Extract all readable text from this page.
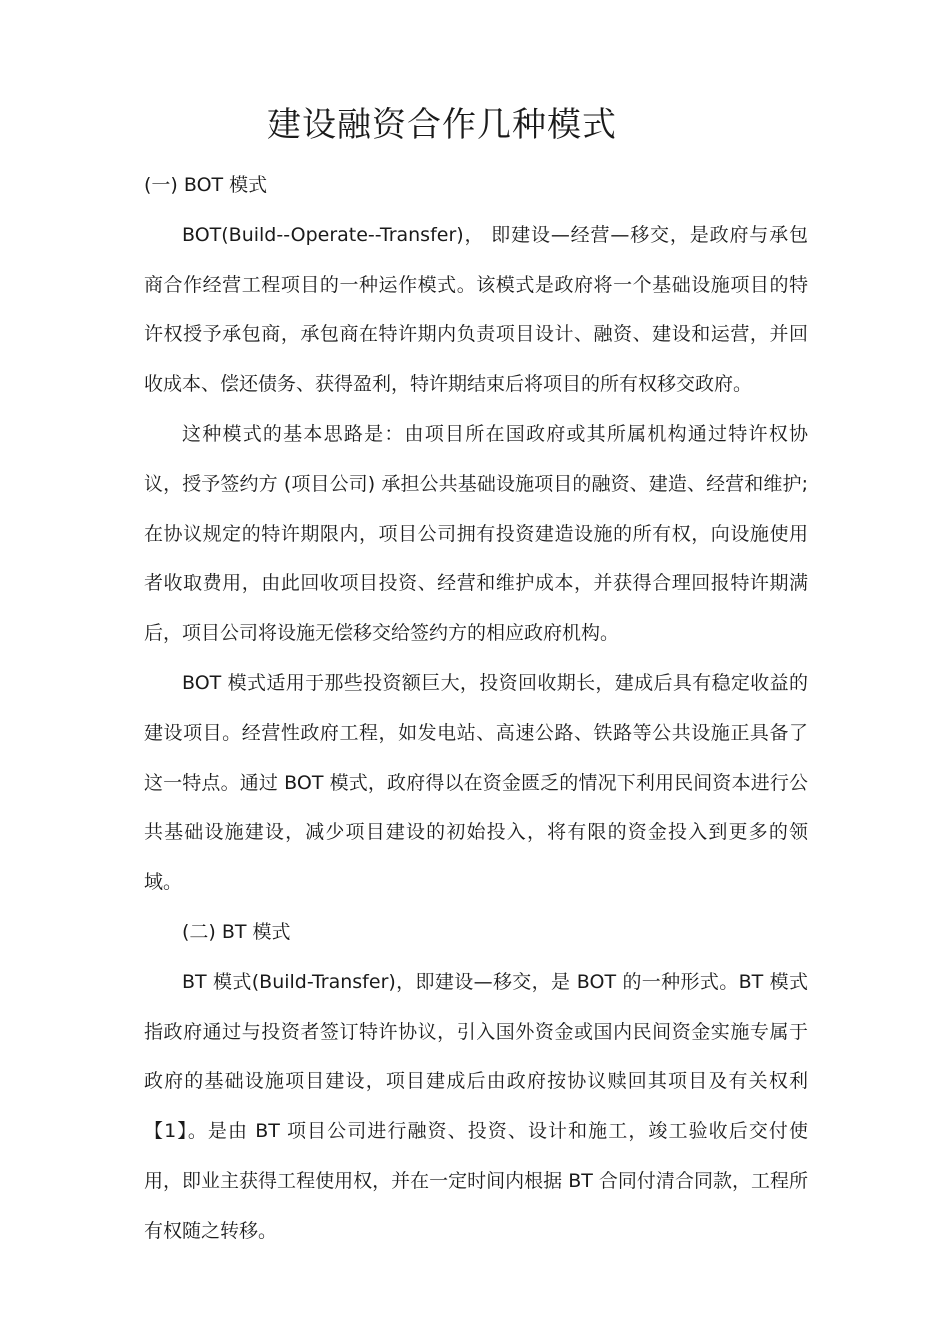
建设融资合作几种模式

(一) BOT 模式

BOT(Build--Operate--Transfer)， 即建设—经营—移交，是政府与承包商合作经营工程项目的一种运作模式。该模式是政府将一个基础设施项目的特许权授予承包商，承包商在特许期内负责项目设计、融资、建设和运营，并回收成本、偿还债务、获得盈利，特许期结束后将项目的所有权移交政府。

这种模式的基本思路是：由项目所在国政府或其所属机构通过特许权协议，授予签约方 (项目公司) 承担公共基础设施项目的融资、建造、经营和维护;在协议规定的特许期限内，项目公司拥有投资建造设施的所有权，向设施使用者收取费用，由此回收项目投资、经营和维护成本，并获得合理回报特许期满后，项目公司将设施无偿移交给签约方的相应政府机构。

BOT 模式适用于那些投资额巨大，投资回收期长，建成后具有稳定收益的建设项目。经营性政府工程，如发电站、高速公路、铁路等公共设施正具备了这一特点。通过 BOT 模式，政府得以在资金匮乏的情况下利用民间资本进行公共基础设施建设，减少项目建设的初始投入，将有限的资金投入到更多的领域。

(二) BT 模式

BT 模式(Build-Transfer)，即建设—移交，是 BOT 的一种形式。BT 模式指政府通过与投资者签订特许协议，引入国外资金或国内民间资金实施专属于政府的基础设施项目建设，项目建成后由政府按协议赎回其项目及有关权利【1】。是由 BT 项目公司进行融资、投资、设计和施工，竣工验收后交付使用，即业主获得工程使用权，并在一定时间内根据 BT 合同付清合同款，工程所有权随之转移。
